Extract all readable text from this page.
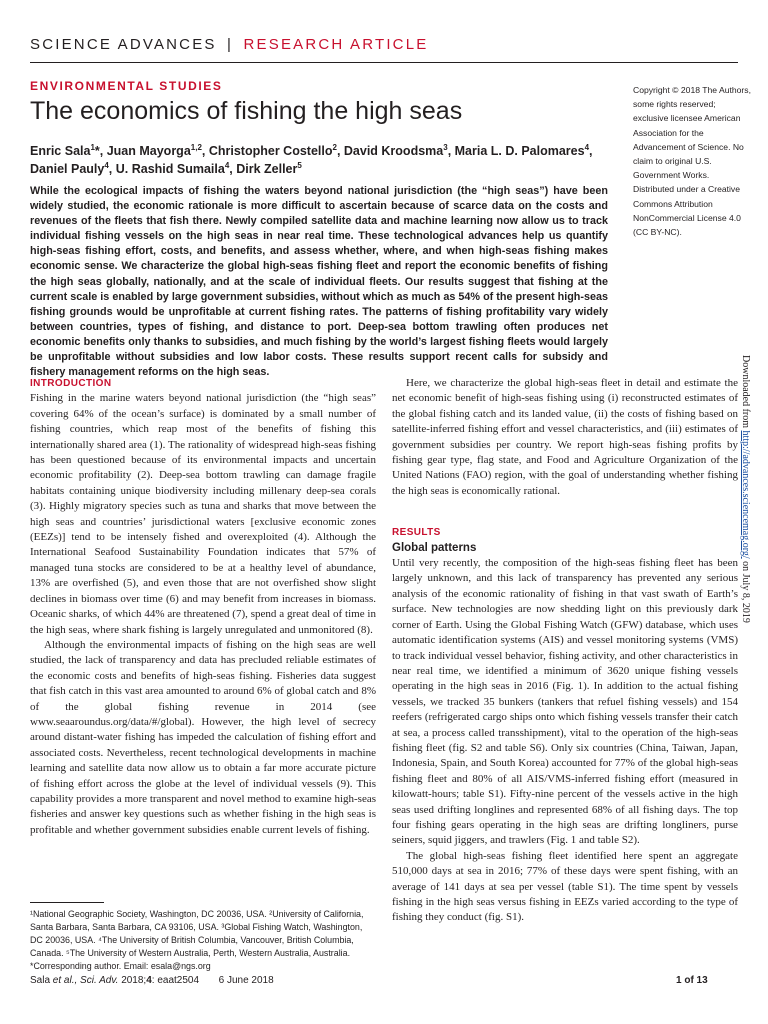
SCIENCE ADVANCES | RESEARCH ARTICLE
ENVIRONMENTAL STUDIES
The economics of fishing the high seas
Enric Sala$^1$*, Juan Mayorga$^{1,2}$, Christopher Costello$^2$, David Kroodsma$^3$, Maria L. D. Palomares$^4$, Daniel Pauly$^4$, U. Rashid Sumaila$^4$, Dirk Zeller$^5$
Copyright © 2018 The Authors, some rights reserved; exclusive licensee American Association for the Advancement of Science. No claim to original U.S. Government Works. Distributed under a Creative Commons Attribution NonCommercial License 4.0 (CC BY-NC).
While the ecological impacts of fishing the waters beyond national jurisdiction (the “high seas”) have been widely studied, the economic rationale is more difficult to ascertain because of scarce data on the costs and revenues of the fleets that fish there. Newly compiled satellite data and machine learning now allow us to track individual fishing vessels on the high seas in near real time. These technological advances help us quantify high-seas fishing effort, costs, and benefits, and assess whether, where, and when high-seas fishing makes economic sense. We characterize the global high-seas fishing fleet and report the economic benefits of fishing the high seas globally, nationally, and at the scale of individual fleets. Our results suggest that fishing at the current scale is enabled by large government subsidies, without which as much as 54% of the present high-seas fishing grounds would be unprofitable at current fishing rates. The patterns of fishing profitability vary widely between countries, types of fishing, and distance to port. Deep-sea bottom trawling often produces net economic benefits only thanks to subsidies, and much fishing by the world’s largest fishing fleets would largely be unprofitable without subsidies and low labor costs. These results support recent calls for subsidy and fishery management reforms on the high seas.
INTRODUCTION

Fishing in the marine waters beyond national jurisdiction (the “high seas” covering 64% of the ocean’s surface) is dominated by a small number of fishing countries, which reap most of the benefits of fishing this internationally shared area (1). The rationality of widespread high-seas fishing has been questioned because of its environmental impacts and uncertain economic profitability (2). Deep-sea bottom trawling can damage fragile habitats containing unique biodiversity including millenary deep-sea corals (3). Highly migratory species such as tuna and sharks that move between the high seas and countries’ jurisdictional waters [exclusive economic zones (EEZs)] tend to be intensely fished and overexploited (4). Although the International Seafood Sustainability Foundation indicates that 57% of managed tuna stocks are considered to be at a healthy level of abundance, 13% are overfished (5), and even those that are not overfished show slight declines in biomass over time (6) and may benefit from increases in biomass. Oceanic sharks, of which 44% are threatened (7), spend a great deal of time in the high seas, where shark fishing is largely unregulated and unmonitored (8).

Although the environmental impacts of fishing on the high seas are well studied, the lack of transparency and data has precluded reliable estimates of the economic costs and benefits of high-seas fishing. Fisheries data suggest that fish catch in this vast area amounted to around 6% of global catch and 8% of the global fishing revenue in 2014 (see www.seaaroundus.org/data/#/global). However, the high level of secrecy around distant-water fishing has impeded the calculation of fishing effort and associated costs. Nevertheless, recent technological developments in machine learning and satellite data now allow us to obtain a far more accurate picture of fishing effort across the globe at the level of individual vessels (9). This capability provides a more transparent and novel method to examine high-seas fisheries and answer key questions such as whether fishing in the high seas is profitable and whether government subsidies enable current levels of fishing.

¹National Geographic Society, Washington, DC 20036, USA. ²University of California, Santa Barbara, Santa Barbara, CA 93106, USA. ³Global Fishing Watch, Washington, DC 20036, USA. ⁴The University of British Columbia, Vancouver, British Columbia, Canada. ⁵The University of Western Australia, Perth, Western Australia, Australia.
*Corresponding author. Email: esala@ngs.org

Here, we characterize the global high-seas fleet in detail and estimate the net economic benefit of high-seas fishing using (i) reconstructed estimates of the global fishing catch and its landed value, (ii) the costs of fishing based on satellite-inferred fishing effort and vessel characteristics, and (iii) estimates of government subsidies per country. We report high-seas fishing profits by fishing gear type, flag state, and Food and Agriculture Organization of the United Nations (FAO) region, with the goal of understanding whether fishing the high seas is economically rational.

RESULTS
Global patterns

Until very recently, the composition of the high-seas fishing fleet has been largely unknown, and this lack of transparency has prevented any serious analysis of the economic rationality of fishing in that vast swath of Earth’s surface. New technologies are now shedding light on this previously dark corner of Earth. Using the Global Fishing Watch (GFW) database, which uses automatic identification systems (AIS) and vessel monitoring systems (VMS) to track individual vessel behavior, fishing activity, and other characteristics in near real time, we identified a minimum of 3620 unique fishing vessels operating in the high seas in 2016 (Fig. 1). In addition to the actual fishing vessels, we tracked 35 bunkers (tankers that refuel fishing vessels) and 154 reefers (refrigerated cargo ships onto which fishing vessels transfer their catch at sea, a process called transshipment), vital to the operation of the high-seas fishing fleet (fig. S2 and table S6). Only six countries (China, Taiwan, Japan, Indonesia, Spain, and South Korea) accounted for 77% of the global high-seas fishing fleet and 80% of all AIS/VMS-inferred fishing effort (measured in kilowatt-hours; table S1). Fifty-nine percent of the vessels active in the high seas used drifting longlines and represented 68% of all fishing days. The top four fishing gears operating in the high seas are drifting longliners, purse seiners, squid jiggers, and trawlers (Fig. 1 and table S2).

The global high-seas fishing fleet identified here spent an aggregate 510,000 days at sea in 2016; 77% of these days were spent fishing, with an average of 141 days at sea per vessel (table S1). The time spent by vessels fishing in the high seas versus fishing in EEZs varied according to the type of fishing they conduct (fig. S1).

Sala et al., Sci. Adv. 2018;4: eaat2504 6 June 2018	1 of 13
Downloaded from http://advances.sciencemag.org/ on July 8, 2019
